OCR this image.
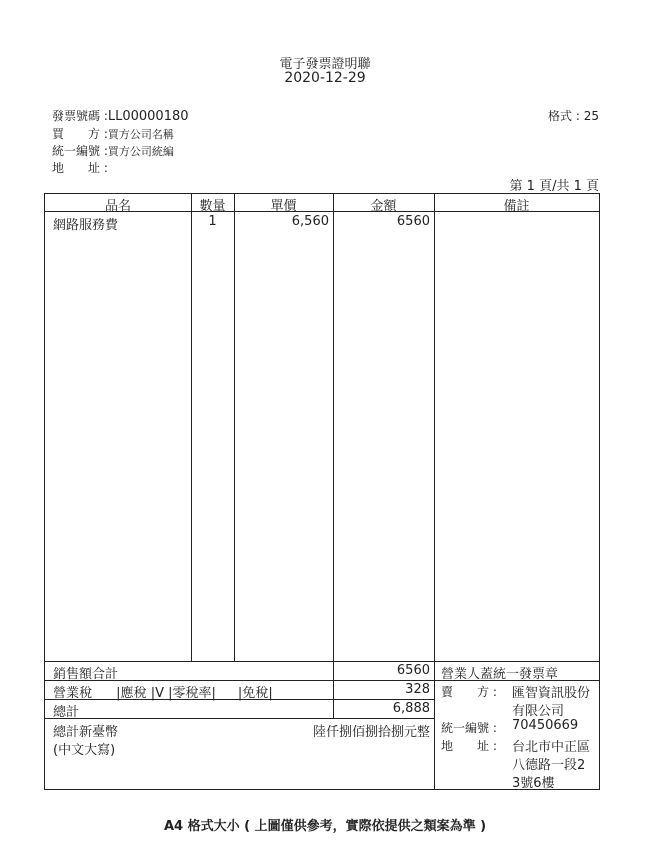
電子發票證明聯
2020-12-29
發票號碼 :LL00000180
買　　方 :買方公司名稱
統一編號 :買方公司統編
地　　址 :
格式 : 25
第 1 頁/共 1 頁
品名	數量	單價	金額	備註
網路服務費	1	6,560	6560
銷售額合計	6560
營業稅 |應稅 |V |零稅率| |免稅|	328
總計	6,888
總計新臺幣
(中文大寫)
陸仟捌佰捌拾捌元整
營業人蓋統一發票章
賣　　方 : 匯智資訊股份
有限公司
統一編號 : 70450669
地　　址 : 台北市中正區
八德路一段2
3號6樓
A4 格式大小 ( 上圖僅供參考，實際依提供之類案為準 )
